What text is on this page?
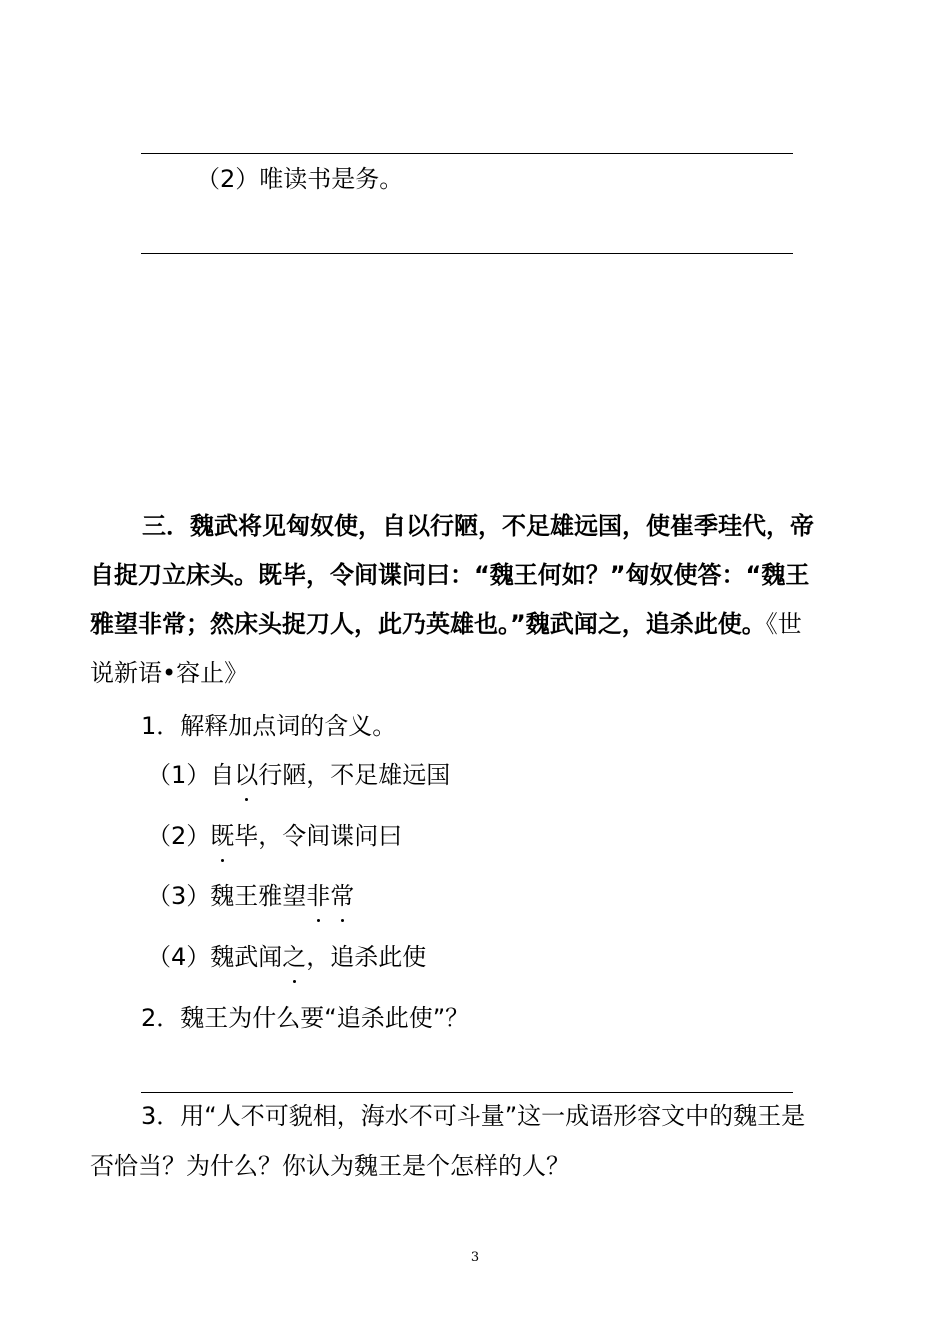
（2）唯读书是务。

三．魏武将见匈奴使，自以行陋，不足雄远国，使崔季珪代，帝

自捉刀立床头。既毕，令间谍问曰：“魏王何如？”匈奴使答：“魏王

雅望非常；然床头捉刀人，此乃英雄也。”魏武闻之，追杀此使。《世

说新语•容止》

1．解释加点词的含义。
（1）自以行陋，不足雄远国
（2）既毕，令间谍问曰
（3）魏王雅望非常
（4）魏武闻之，追杀此使
2．魏王为什么要“追杀此使”？
3．用“人不可貌相，海水不可斗量”这一成语形容文中的魏王是
否恰当？为什么？你认为魏王是个怎样的人？
3
